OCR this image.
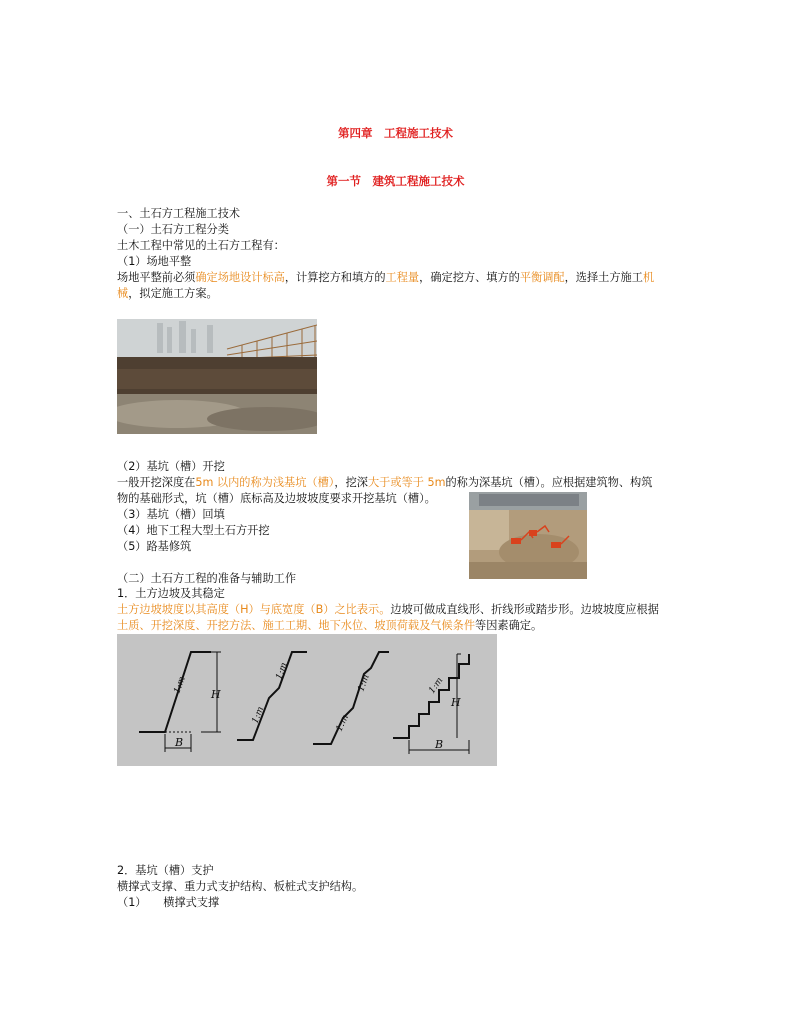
第四章　工程施工技术
第一节　建筑工程施工技术
一、土石方工程施工技术
（一）土石方工程分类
土木工程中常见的土石方工程有：
（1）场地平整
场地平整前必须确定场地设计标高，计算挖方和填方的工程量，确定挖方、填方的平衡调配，选择土方施工机
械，拟定施工方案。
（2）基坑（槽）开挖
一般开挖深度在5m 以内的称为浅基坑（槽），挖深大于或等于 5m的称为深基坑（槽）。应根据建筑物、构筑
物的基础形式，坑（槽）底标高及边坡坡度要求开挖基坑（槽）。
（3）基坑（槽）回填
（4）地下工程大型土石方开挖
（5）路基修筑
（二）土石方工程的准备与辅助工作
1．土方边坡及其稳定
土方边坡坡度以其高度（H）与底宽度（B）之比表示。边坡可做成直线形、折线形或踏步形。边坡坡度应根据
土质、开挖深度、开挖方法、施工工期、地下水位、坡顶荷载及气候条件等因素确定。
1:m
1:m
1:m
1:m
1:m	1:m
H
B
H
B
2．基坑（槽）支护
横撑式支撑、重力式支护结构、板桩式支护结构。
（1）　　横撑式支撑
